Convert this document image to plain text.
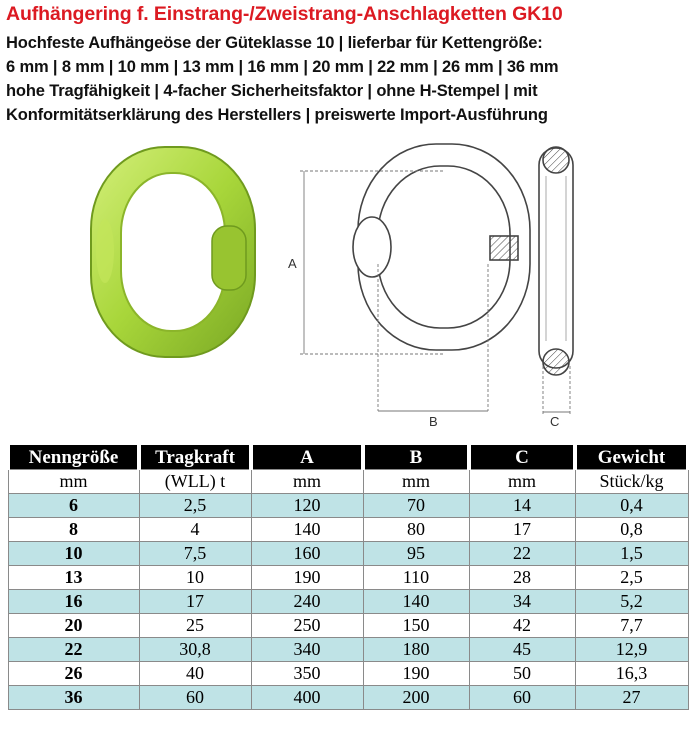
Aufhängering f. Einstrang-/Zweistrang-Anschlagketten GK10
Hochfeste Aufhängeöse der Güteklasse 10 | lieferbar für Kettengröße:
6 mm | 8 mm | 10 mm | 13 mm | 16 mm | 20 mm | 22 mm | 26 mm | 36 mm
hohe Tragfähigkeit | 4-facher Sicherheitsfaktor | ohne H-Stempel | mit
Konformitätserklärung des Herstellers | preiswerte Import-Ausführung
A
B	C
Nenngröße	Tragkraft	A	B	C	Gewicht
mm	(WLL) t	mm	mm	mm	Stück/kg
6	2,5	120	70	14	0,4
8	4	140	80	17	0,8
10	7,5	160	95	22	1,5
13	10	190	110	28	2,5
16	17	240	140	34	5,2
20	25	250	150	42	7,7
22	30,8	340	180	45	12,9
26	40	350	190	50	16,3
36	60	400	200	60	27
